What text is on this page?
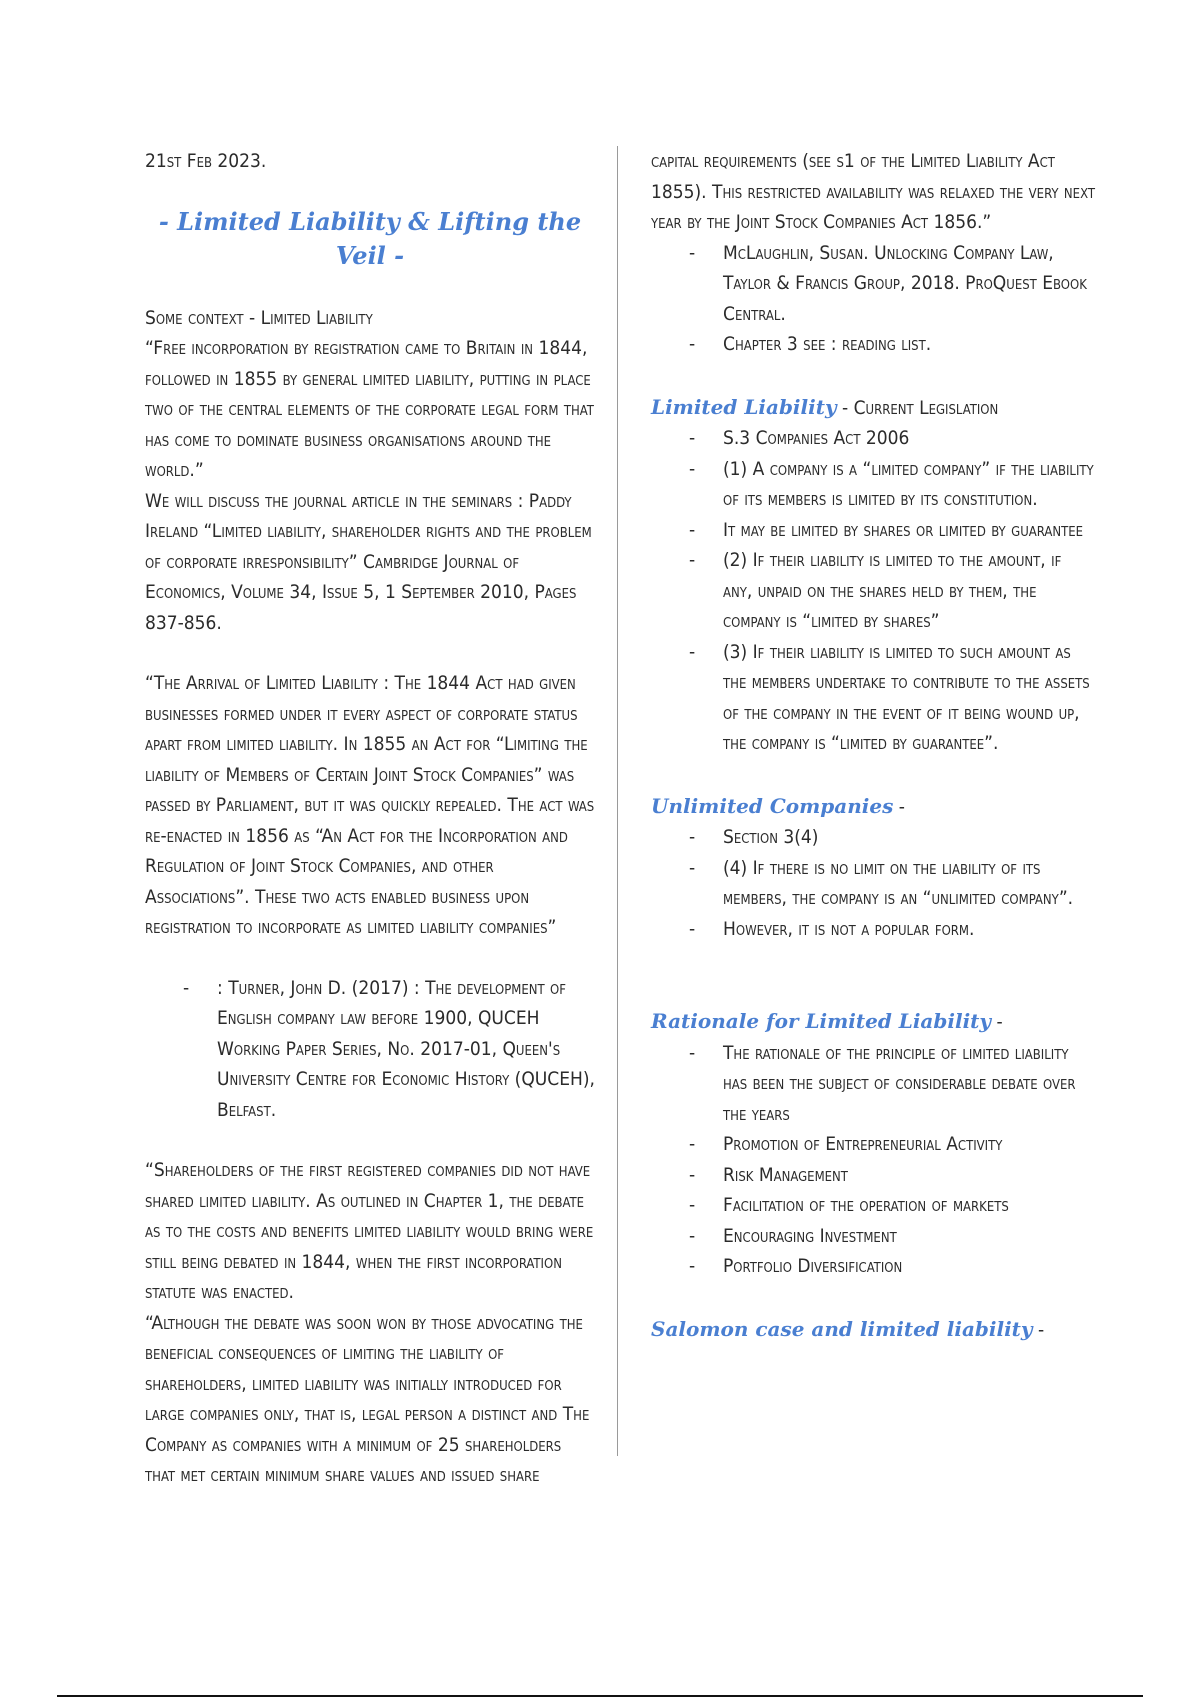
21st Feb 2023.

- Limited Liability & Lifting the Veil -

Some context - Limited Liability

“Free incorporation by registration came to Britain in 1844, followed in 1855 by general limited liability, putting in place two of the central elements of the corporate legal form that has come to dominate business organisations around the world.”

We will discuss the journal article in the seminars : Paddy Ireland “Limited liability, shareholder rights and the problem of corporate irresponsibility” Cambridge Journal of Economics, Volume 34, Issue 5, 1 September 2010, Pages 837-856.

“The Arrival of Limited Liability : The 1844 Act had given businesses formed under it every aspect of corporate status apart from limited liability. In 1855 an Act for “Limiting the liability of Members of Certain Joint Stock Companies” was passed by Parliament, but it was quickly repealed. The act was re-enacted in 1856 as “An Act for the Incorporation and Regulation of Joint Stock Companies, and other Associations”. These two acts enabled business upon registration to incorporate as limited liability companies”

- : Turner, John D. (2017) : The development of English company law before 1900, QUCEH Working Paper Series, No. 2017-01, Queen's University Centre for Economic History (QUCEH), Belfast.

“Shareholders of the first registered companies did not have shared limited liability. As outlined in Chapter 1, the debate as to the costs and benefits limited liability would bring were still being debated in 1844, when the first incorporation statute was enacted.

“Although the debate was soon won by those advocating the beneficial consequences of limiting the liability of shareholders, limited liability was initially introduced for large companies only, that is, legal person a distinct and The Company as companies with a minimum of 25 shareholders that met certain minimum share values and issued share

capital requirements (see s1 of the Limited Liability Act 1855). This restricted availability was relaxed the very next year by the Joint Stock Companies Act 1856.”

- McLaughlin, Susan. Unlocking Company Law, Taylor & Francis Group, 2018. ProQuest Ebook Central.
- Chapter 3 see : reading list.

Limited Liability - Current Legislation

- S.3 Companies Act 2006
- (1) A company is a “limited company” if the liability of its members is limited by its constitution.
- It may be limited by shares or limited by guarantee
- (2) If their liability is limited to the amount, if any, unpaid on the shares held by them, the company is “limited by shares”
- (3) If their liability is limited to such amount as the members undertake to contribute to the assets of the company in the event of it being wound up, the company is “limited by guarantee”.

Unlimited Companies -

- Section 3(4)
- (4) If there is no limit on the liability of its members, the company is an “unlimited company”.
- However, it is not a popular form.

Rationale for Limited Liability -

- The rationale of the principle of limited liability has been the subject of considerable debate over the years
- Promotion of Entrepreneurial Activity
- Risk Management
- Facilitation of the operation of markets
- Encouraging Investment
- Portfolio Diversification

Salomon case and limited liability -
